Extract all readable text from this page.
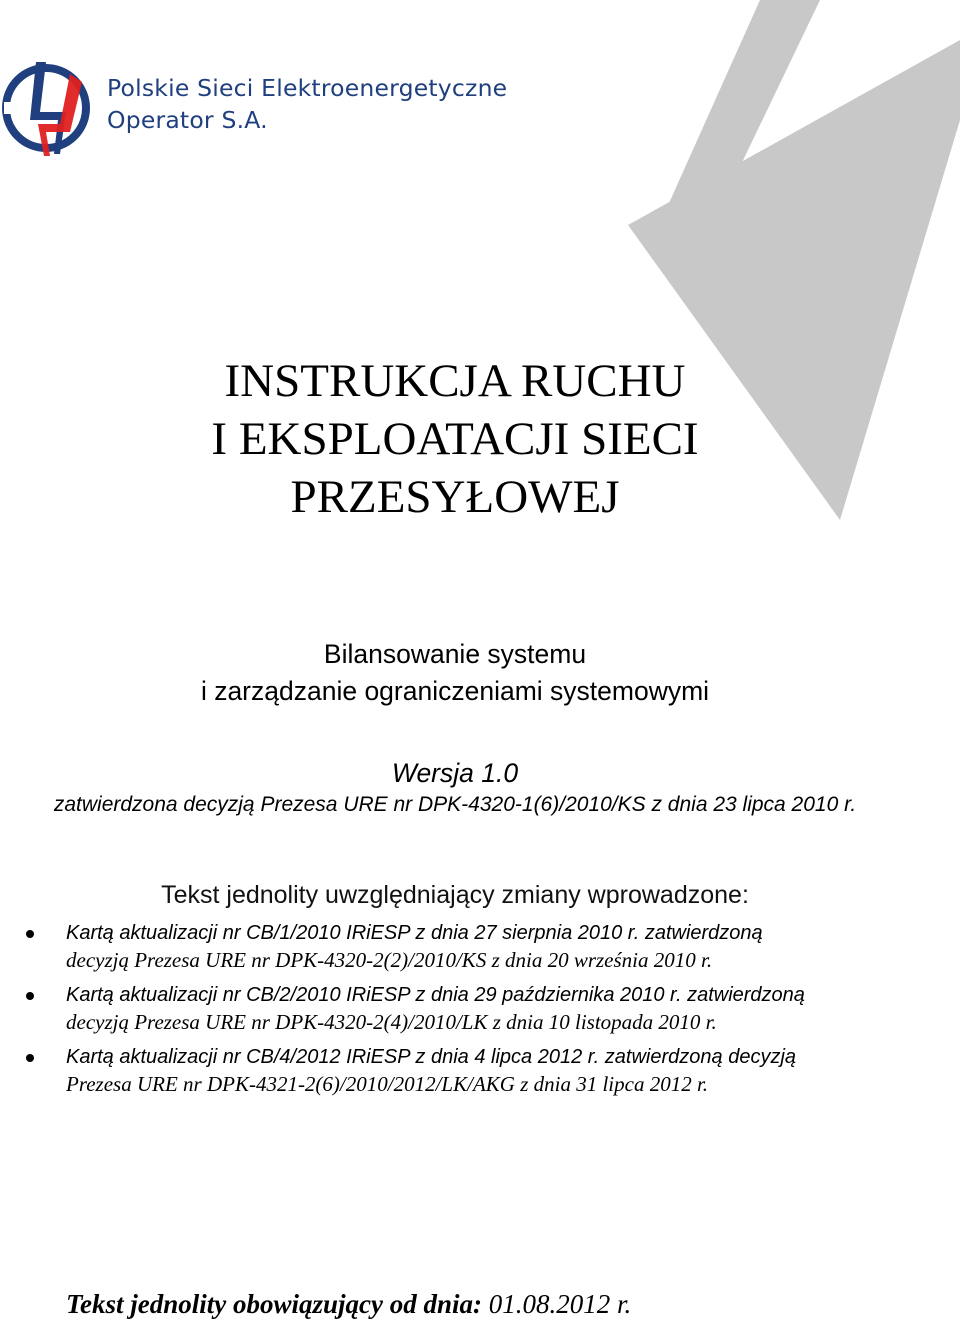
Polskie Sieci Elektroenergetyczne
Operator S.A.
INSTRUKCJA RUCHU
I EKSPLOATACJI SIECI
PRZESYŁOWEJ
Bilansowanie systemu
i zarządzanie ograniczeniami systemowymi
Wersja 1.0
zatwierdzona decyzją Prezesa URE nr DPK-4320-1(6)/2010/KS z dnia 23 lipca 2010 r.
Tekst jednolity uwzględniający zmiany wprowadzone:
Kartą aktualizacji nr CB/1/2010 IRiESP z dnia 27 sierpnia 2010 r. zatwierdzoną
decyzją Prezesa URE nr DPK-4320-2(2)/2010/KS z dnia 20 września 2010 r.
Kartą aktualizacji nr CB/2/2010 IRiESP z dnia 29 października 2010 r. zatwierdzoną
decyzją Prezesa URE nr DPK-4320-2(4)/2010/LK z dnia 10 listopada 2010 r.
Kartą aktualizacji nr CB/4/2012 IRiESP z dnia 4 lipca 2012 r. zatwierdzoną decyzją
Prezesa URE nr DPK-4321-2(6)/2010/2012/LK/AKG z dnia 31 lipca 2012 r.
Tekst jednolity obowiązujący od dnia: 01.08.2012 r.
